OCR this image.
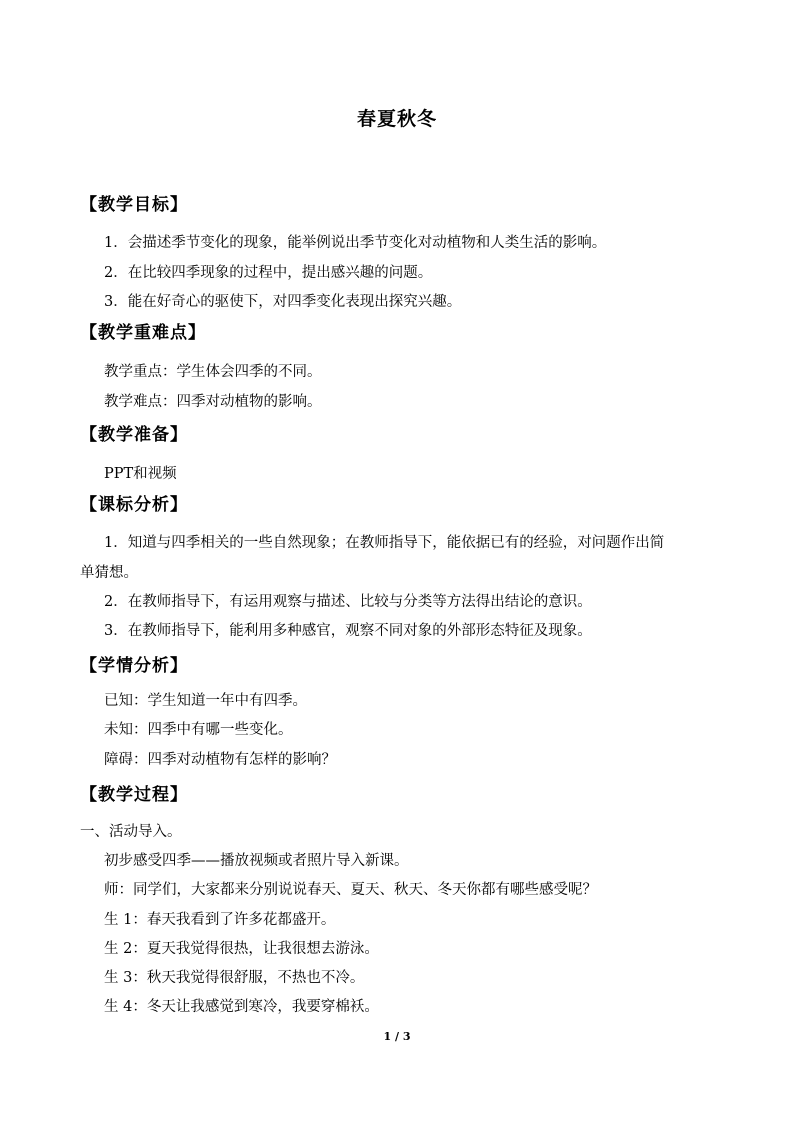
春夏秋冬
【教学目标】
1．会描述季节变化的现象，能举例说出季节变化对动植物和人类生活的影响。
2．在比较四季现象的过程中，提出感兴趣的问题。
3．能在好奇心的驱使下，对四季变化表现出探究兴趣。
【教学重难点】
教学重点：学生体会四季的不同。
教学难点：四季对动植物的影响。
【教学准备】
PPT和视频
【课标分析】
1．知道与四季相关的一些自然现象；在教师指导下，能依据已有的经验，对问题作出简
单猜想。
2．在教师指导下，有运用观察与描述、比较与分类等方法得出结论的意识。
3．在教师指导下，能利用多种感官，观察不同对象的外部形态特征及现象。
【学情分析】
已知：学生知道一年中有四季。
未知：四季中有哪一些变化。
障碍：四季对动植物有怎样的影响？
【教学过程】
一、活动导入。
初步感受四季——播放视频或者照片导入新课。
师：同学们，大家都来分别说说春天、夏天、秋天、冬天你都有哪些感受呢？
生 1：春天我看到了许多花都盛开。
生 2：夏天我觉得很热，让我很想去游泳。
生 3：秋天我觉得很舒服，不热也不冷。
生 4：冬天让我感觉到寒冷，我要穿棉袄。
1 / 3
